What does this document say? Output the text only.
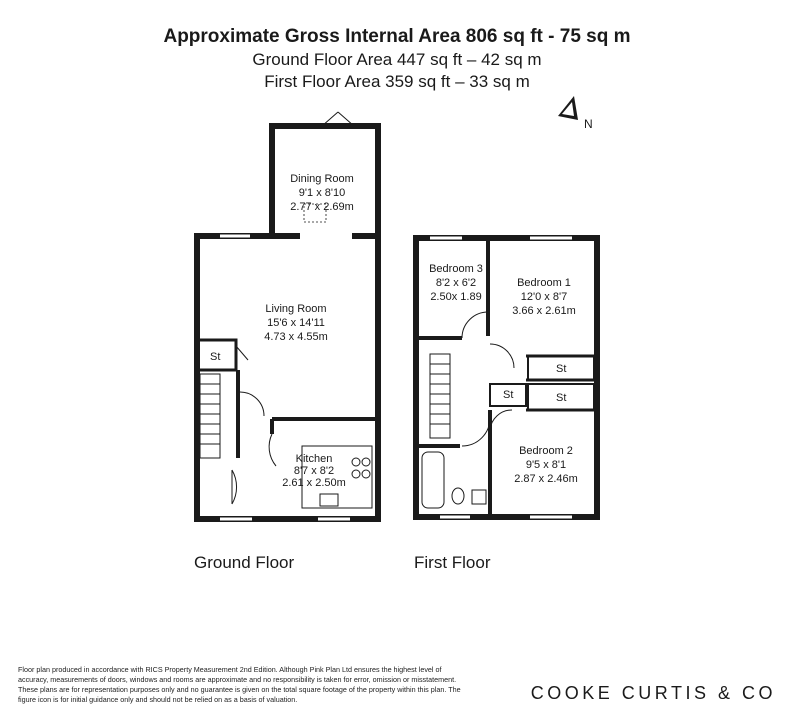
Approximate Gross Internal Area 806 sq ft - 75 sq m
Ground Floor Area 447 sq ft – 42 sq m
First Floor Area 359 sq ft – 33 sq m
N
Dining Room
9'1 x 8'10
2.77 x 2.69m
Living Room
15'6 x 14'11
4.73 x 4.55m
Kitchen
8'7 x 8'2
2.61 x 2.50m
St
Ground Floor
Bedroom 3
8'2 x 6'2
2.50x 1.89
Bedroom 1
12'0 x 8'7
3.66 x 2.61m
Bedroom 2
9'5 x 8'1
2.87 x 2.46m
St
St
St
First Floor
Floor plan produced in accordance with RICS Property Measurement 2nd Edition. Although Pink Plan Ltd ensures the highest level of accuracy, measurements of doors, windows and rooms are approximate and no responsibility is taken for error, omission or misstatement. These plans are for representation purposes only and no guarantee is given on the total square footage of the property within this plan. The figure icon is for initial guidance only and should not be relied on as a basis of valuation.	COOKE CURTIS & CO
